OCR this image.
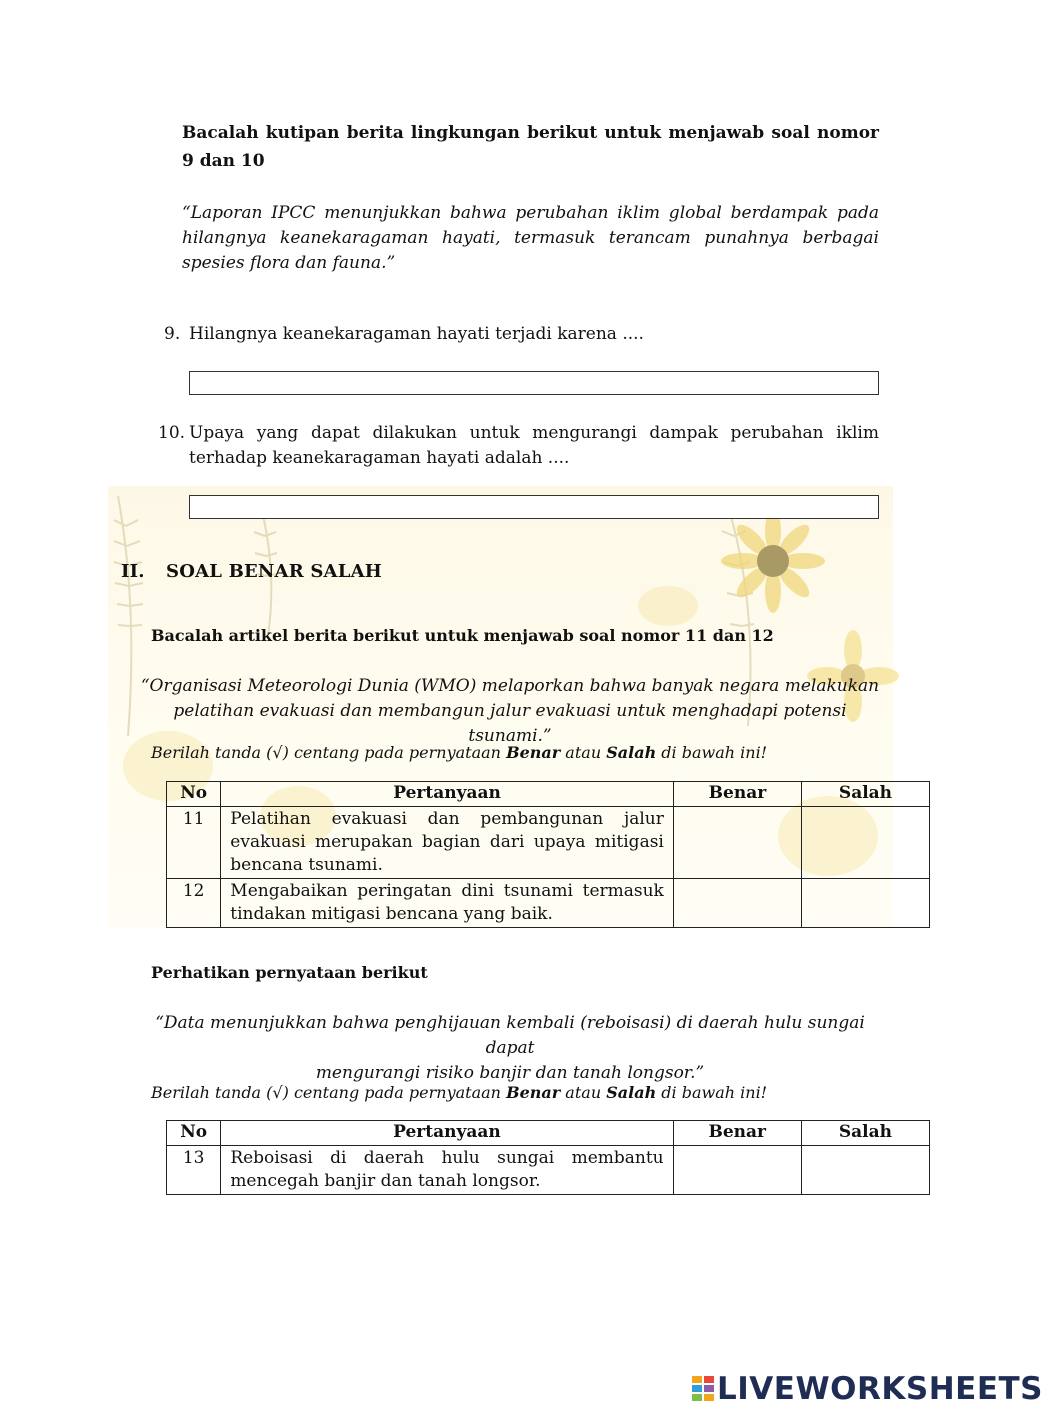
Bacalah kutipan berita lingkungan berikut untuk menjawab soal nomor 9 dan 10
“Laporan IPCC menunjukkan bahwa perubahan iklim global berdampak pada hilangnya keanekaragaman hayati, termasuk terancam punahnya berbagai spesies flora dan fauna.”
9. Hilangnya keanekaragaman hayati terjadi karena ....
10. Upaya yang dapat dilakukan untuk mengurangi dampak perubahan iklim terhadap keanekaragaman hayati adalah ....
II. SOAL BENAR SALAH
Bacalah artikel berita berikut untuk menjawab soal nomor 11 dan 12
“Organisasi Meteorologi Dunia (WMO) melaporkan bahwa banyak negara melakukan
pelatihan evakuasi dan membangun jalur evakuasi untuk menghadapi potensi tsunami.”
Berilah tanda (√) centang pada pernyataan Benar atau Salah di bawah ini!
No	Pertanyaan	Benar	Salah
11	Pelatihan evakuasi dan pembangunan jalur evakuasi merupakan bagian dari upaya mitigasi bencana tsunami.		
12	Mengabaikan peringatan dini tsunami termasuk tindakan mitigasi bencana yang baik.		
Perhatikan pernyataan berikut
“Data menunjukkan bahwa penghijauan kembali (reboisasi) di daerah hulu sungai dapat
mengurangi risiko banjir dan tanah longsor.”
Berilah tanda (√) centang pada pernyataan Benar atau Salah di bawah ini!
No	Pertanyaan	Benar	Salah
13	Reboisasi di daerah hulu sungai membantu mencegah banjir dan tanah longsor.		
LIVEWORKSHEETS
